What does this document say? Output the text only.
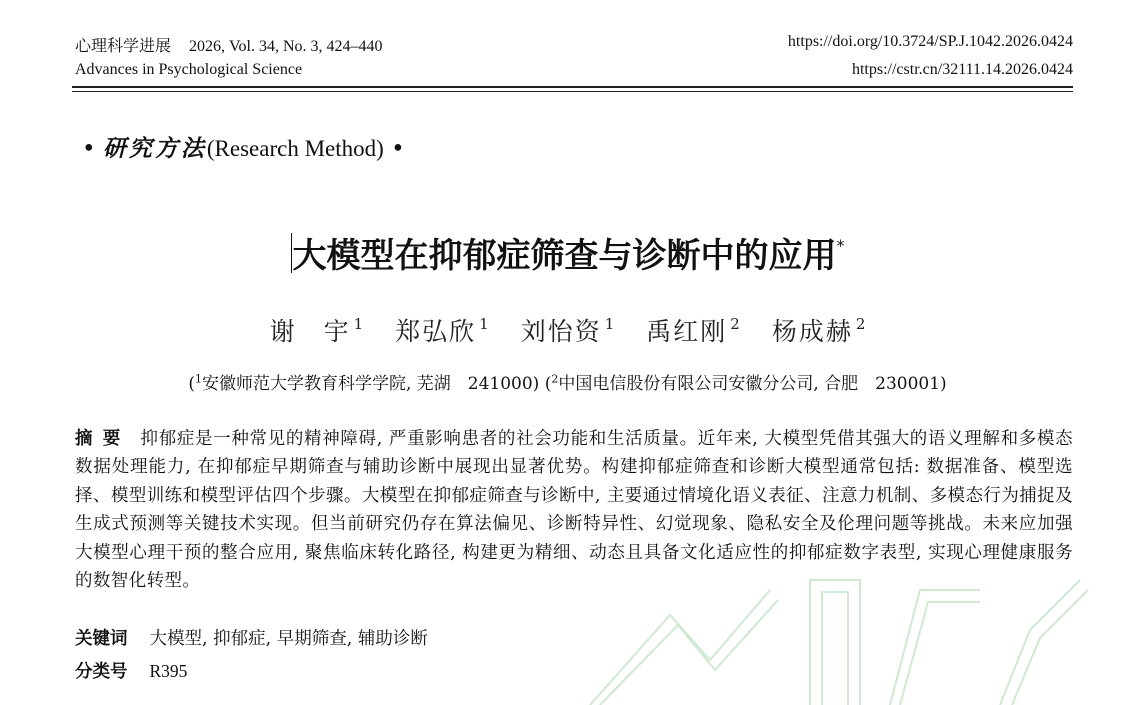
心理科学进展 2026, Vol. 34, No. 3, 424–440
Advances in Psychological Science
https://doi.org/10.3724/SP.J.1042.2026.0424
https://cstr.cn/32111.14.2026.0424
• 研究方法(Research Method) •
大模型在抑郁症筛查与诊断中的应用*
谢　宇 $^1$ 郑弘欣 $^1$ 刘怡资 $^1$ 禹红刚 $^2$ 杨成赫 $^2$
($^1$安徽师范大学教育科学学院, 芜湖　241000) ($^2$中国电信股份有限公司安徽分公司, 合肥　230001)
摘要 抑郁症是一种常见的精神障碍, 严重影响患者的社会功能和生活质量。近年来, 大模型凭借其强大的语义理解和多模态数据处理能力, 在抑郁症早期筛查与辅助诊断中展现出显著优势。构建抑郁症筛查和诊断大模型通常包括: 数据准备、模型选择、模型训练和模型评估四个步骤。大模型在抑郁症筛查与诊断中, 主要通过情境化语义表征、注意力机制、多模态行为捕捉及生成式预测等关键技术实现。但当前研究仍存在算法偏见、诊断特异性、幻觉现象、隐私安全及伦理问题等挑战。未来应加强大模型心理干预的整合应用, 聚焦临床转化路径, 构建更为精细、动态且具备文化适应性的抑郁症数字表型, 实现心理健康服务的数智化转型。
关键词 大模型, 抑郁症, 早期筛查, 辅助诊断
分类号 R395
